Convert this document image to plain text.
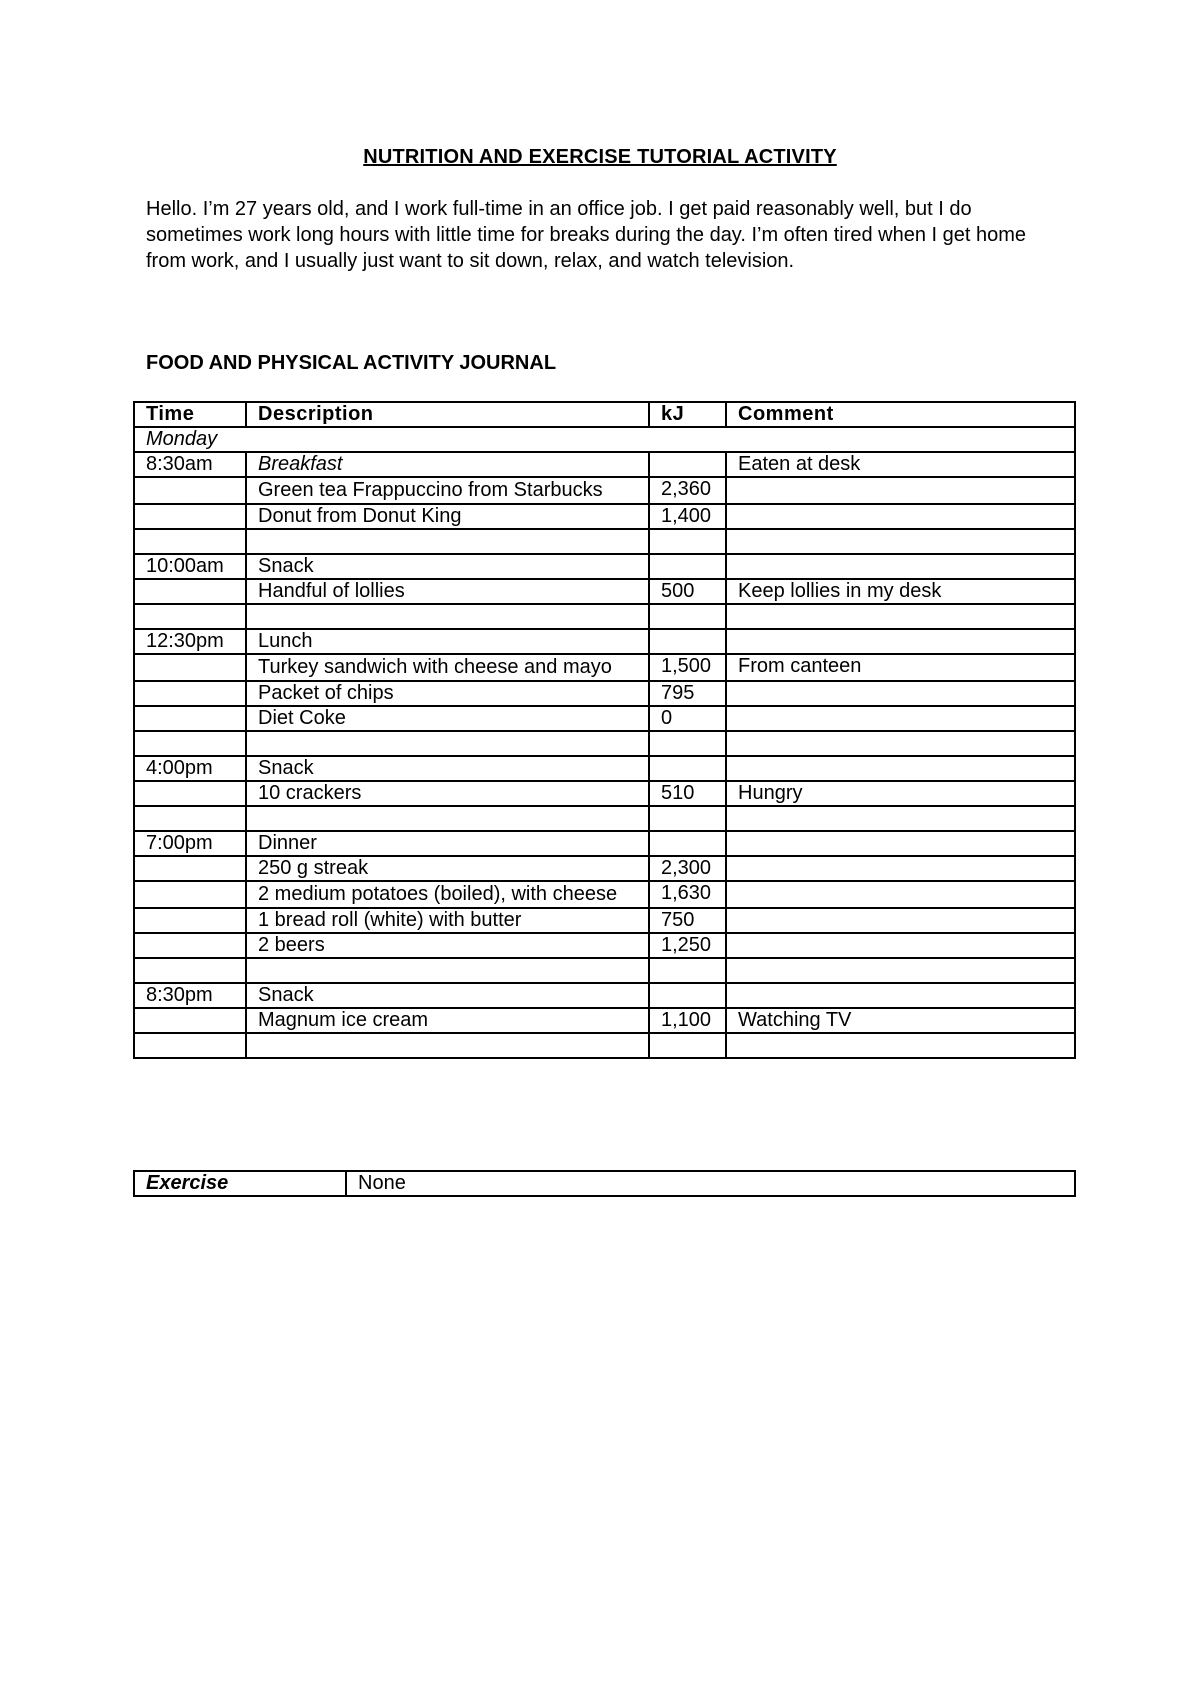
NUTRITION AND EXERCISE TUTORIAL ACTIVITY

Hello. I’m 27 years old, and I work full-time in an office job. I get paid reasonably well, but I do sometimes work long hours with little time for breaks during the day. I’m often tired when I get home from work, and I usually just want to sit down, relax, and watch television.

FOOD AND PHYSICAL ACTIVITY JOURNAL

Time	Description	kJ	Comment
Monday			
8:30am	Breakfast		Eaten at desk
	Green tea Frappuccino from Starbucks	2,360	
	Donut from Donut King	1,400	

10:00am	Snack		
	Handful of lollies	500	Keep lollies in my desk

12:30pm	Lunch		
	Turkey sandwich with cheese and mayo	1,500	From canteen
	Packet of chips	795	
	Diet Coke	0	

4:00pm	Snack		
	10 crackers	510	Hungry

7:00pm	Dinner		
	250 g streak	2,300	
	2 medium potatoes (boiled), with cheese	1,630	
	1 bread roll (white) with butter	750	
	2 beers	1,250	

8:30pm	Snack		
	Magnum ice cream	1,100	Watching TV

Exercise	None
